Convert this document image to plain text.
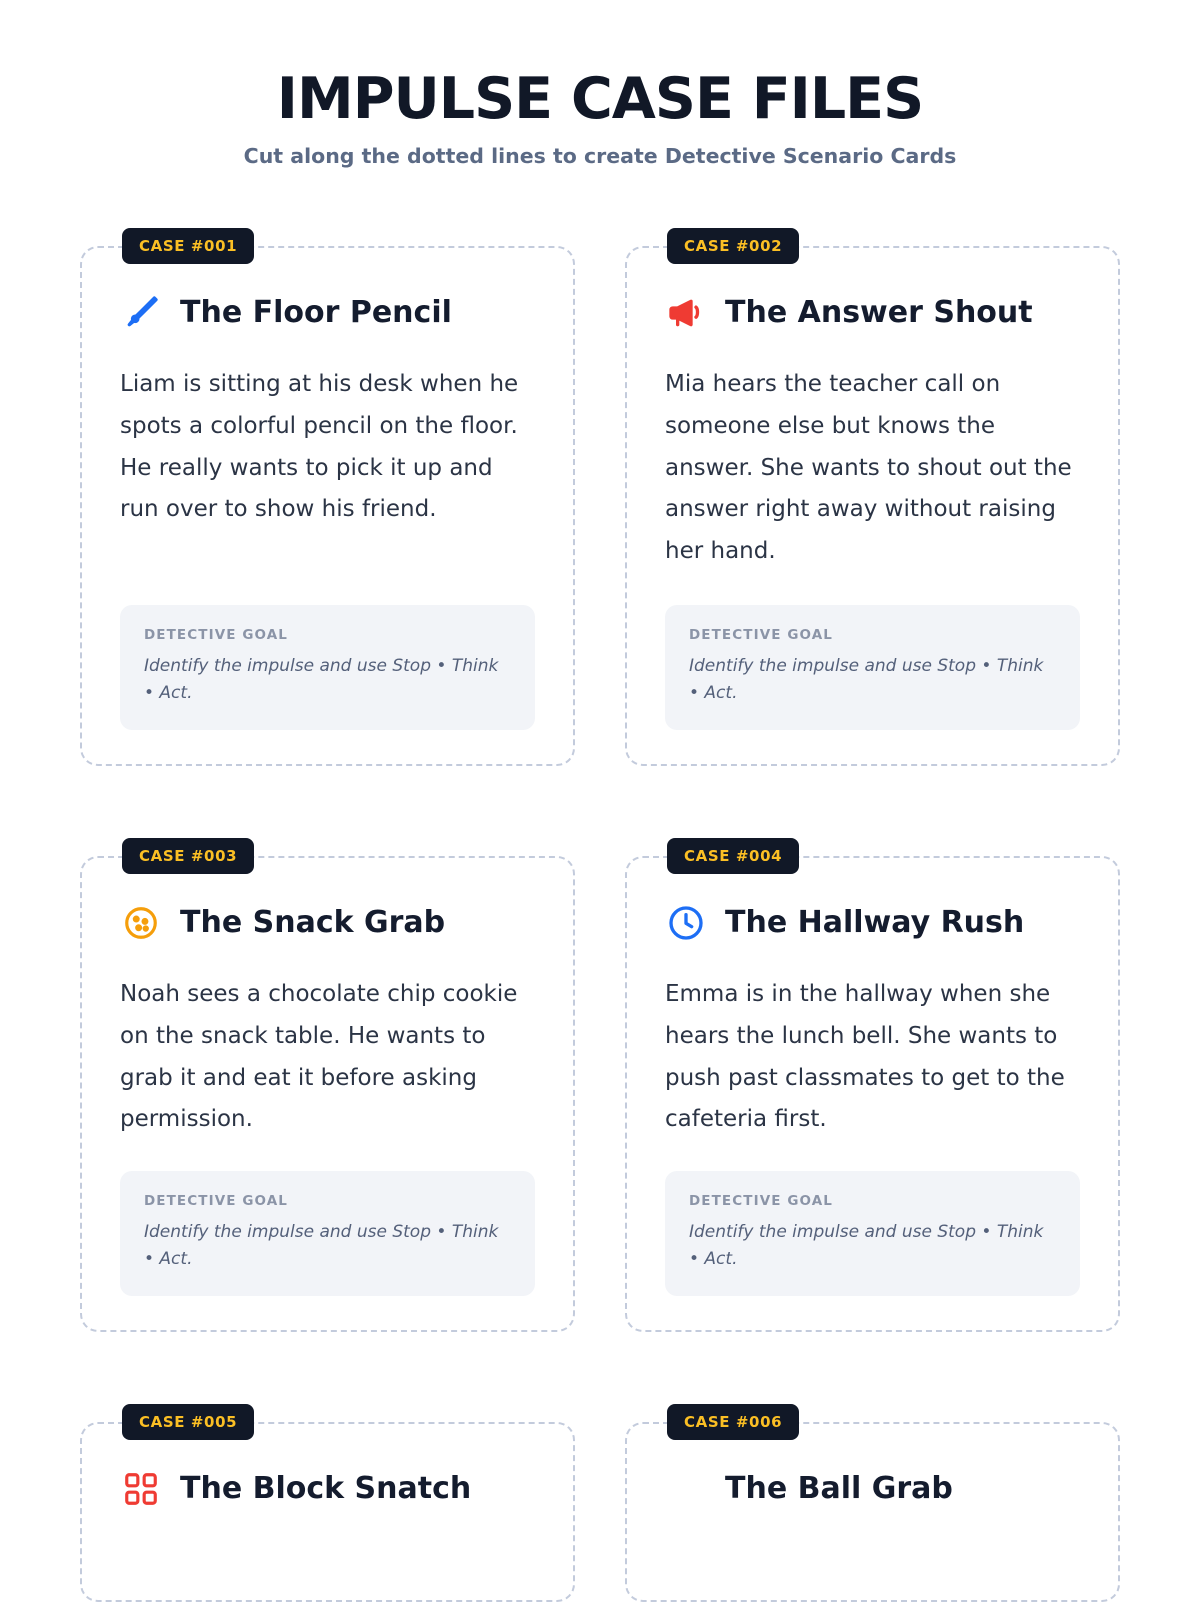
IMPULSE CASE FILES

Cut along the dotted lines to create Detective Scenario Cards

CASE #001
The Floor Pencil
Liam is sitting at his desk when he spots a colorful pencil on the floor. He really wants to pick it up and run over to show his friend.
DETECTIVE GOAL
Identify the impulse and use Stop • Think • Act.
CASE #002
The Answer Shout
Mia hears the teacher call on someone else but knows the answer. She wants to shout out the answer right away without raising her hand.
DETECTIVE GOAL
Identify the impulse and use Stop • Think • Act.
CASE #003
The Snack Grab
Noah sees a chocolate chip cookie on the snack table. He wants to grab it and eat it before asking permission.
DETECTIVE GOAL
Identify the impulse and use Stop • Think • Act.
CASE #004
The Hallway Rush
Emma is in the hallway when she hears the lunch bell. She wants to push past classmates to get to the cafeteria first.
DETECTIVE GOAL
Identify the impulse and use Stop • Think • Act.
CASE #005
The Block Snatch
CASE #006
The Ball Grab
